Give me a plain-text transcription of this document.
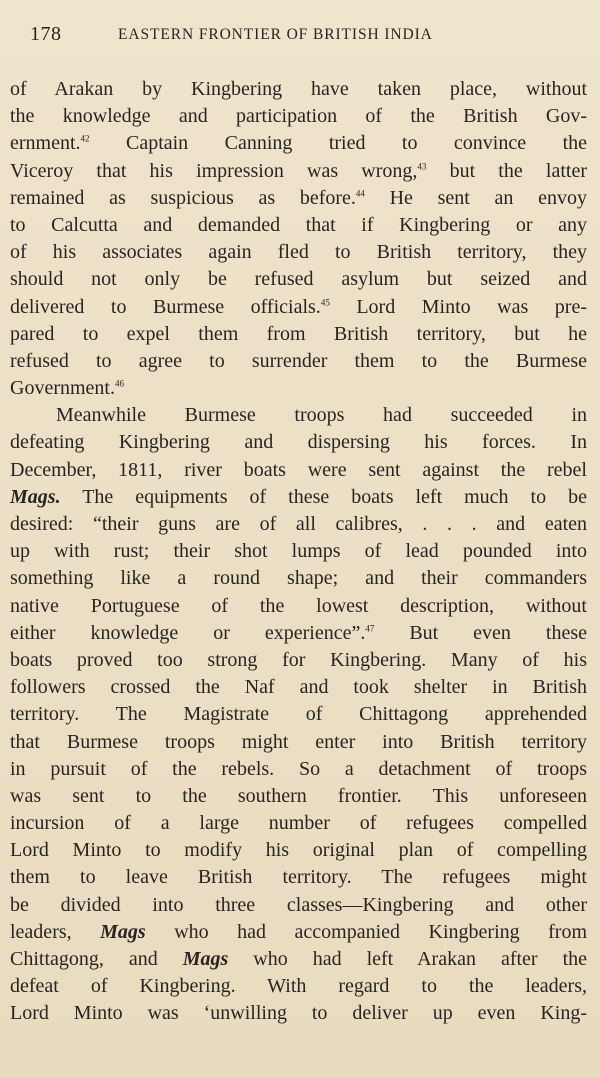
178	EASTERN FRONTIER OF BRITISH INDIA
of Arakan by Kingbering have taken place, without
the knowledge and participation of the British Gov-
ernment.$^{42}$ Captain Canning tried to convince the
Viceroy that his impression was wrong,$^{43}$ but the latter
remained as suspicious as before.$^{44}$ He sent an envoy
to Calcutta and demanded that if Kingbering or any
of his associates again fled to British territory, they
should not only be refused asylum but seized and
delivered to Burmese officials.$^{45}$ Lord Minto was pre-
pared to expel them from British territory, but he
refused to agree to surrender them to the Burmese
Government.$^{46}$
Meanwhile Burmese troops had succeeded in
defeating Kingbering and dispersing his forces. In
December, 1811, river boats were sent against the rebel
Mags. The equipments of these boats left much to be
desired: “their guns are of all calibres, . . . and eaten
up with rust; their shot lumps of lead pounded into
something like a round shape; and their commanders
native Portuguese of the lowest description, without
either knowledge or experience”.$^{47}$ But even these
boats proved too strong for Kingbering. Many of his
followers crossed the Naf and took shelter in British
territory. The Magistrate of Chittagong apprehended
that Burmese troops might enter into British territory
in pursuit of the rebels. So a detachment of troops
was sent to the southern frontier. This unforeseen
incursion of a large number of refugees compelled
Lord Minto to modify his original plan of compelling
them to leave British territory. The refugees might
be divided into three classes—Kingbering and other
leaders, Mags who had accompanied Kingbering from
Chittagong, and Mags who had left Arakan after the
defeat of Kingbering. With regard to the leaders,
Lord Minto was ‘unwilling to deliver up even King-
